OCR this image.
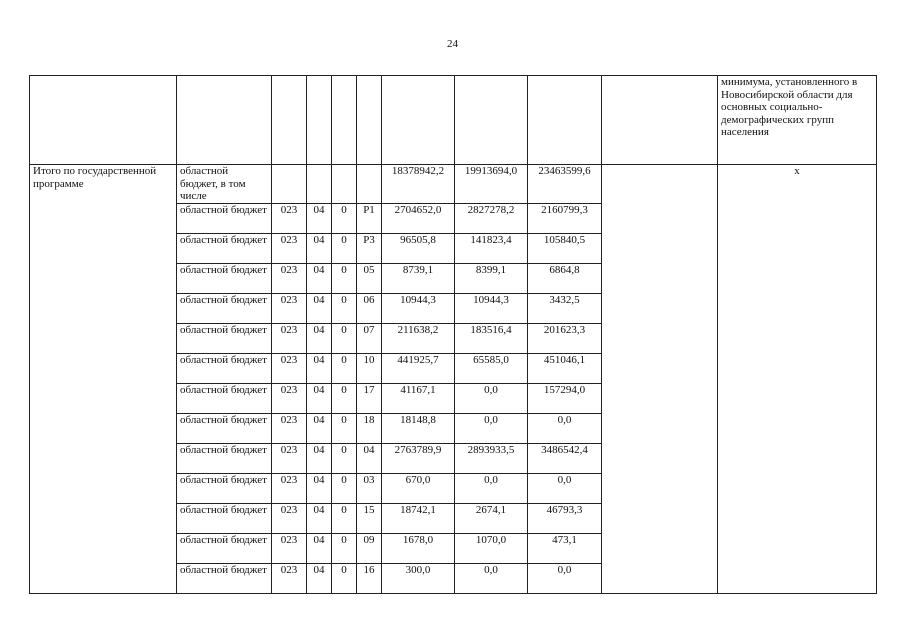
24
										минимума, установленного в Новосибирской области для основных социально-демографических групп населения
Итого по государственной программе	областной бюджет, в том числе					18378942,2	19913694,0	23463599,6		х
	областной бюджет	023	04	0	P1	2704652,0	2827278,2	2160799,3		
	областной бюджет	023	04	0	P3	96505,8	141823,4	105840,5		
	областной бюджет	023	04	0	05	8739,1	8399,1	6864,8		
	областной бюджет	023	04	0	06	10944,3	10944,3	3432,5		
	областной бюджет	023	04	0	07	211638,2	183516,4	201623,3		
	областной бюджет	023	04	0	10	441925,7	65585,0	451046,1		
	областной бюджет	023	04	0	17	41167,1	0,0	157294,0		
	областной бюджет	023	04	0	18	18148,8	0,0	0,0		
	областной бюджет	023	04	0	04	2763789,9	2893933,5	3486542,4		
	областной бюджет	023	04	0	03	670,0	0,0	0,0		
	областной бюджет	023	04	0	15	18742,1	2674,1	46793,3		
	областной бюджет	023	04	0	09	1678,0	1070,0	473,1		
	областной бюджет	023	04	0	16	300,0	0,0	0,0		
